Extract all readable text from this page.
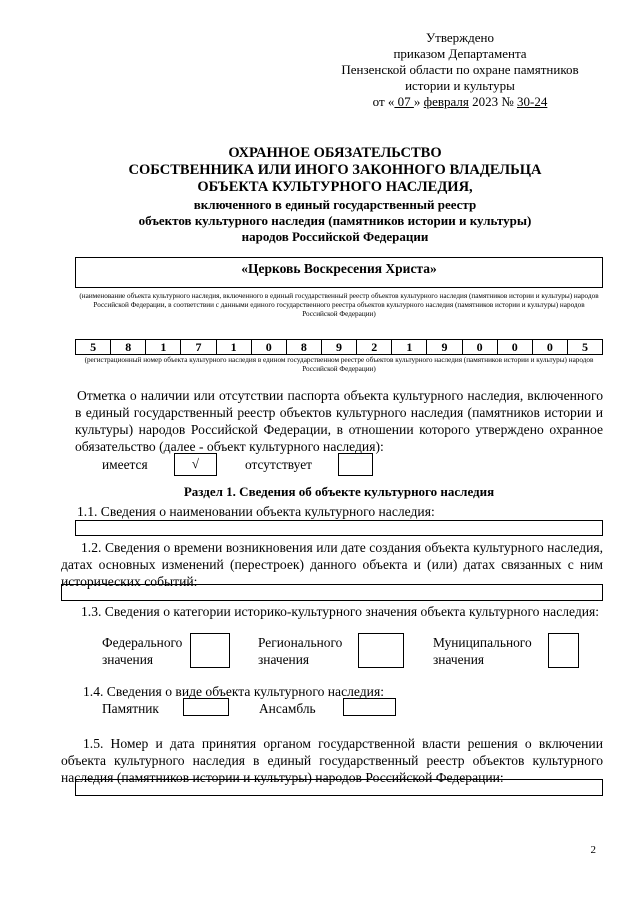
Утверждено
приказом Департамента
Пензенской области по охране памятников
истории и культуры
от « 07 » февраля 2023 № 30-24
ОХРАННОЕ ОБЯЗАТЕЛЬСТВО
СОБСТВЕННИКА ИЛИ ИНОГО ЗАКОННОГО ВЛАДЕЛЬЦА
ОБЪЕКТА КУЛЬТУРНОГО НАСЛЕДИЯ,
включенного в единый государственный реестр
объектов культурного наследия (памятников истории и культуры)
народов Российской Федерации
«Церковь Воскресения Христа»
(наименование объекта культурного наследия, включенного в единый государственный реестр объектов культурного наследия (памятников истории и культуры) народов Российской Федерации, в соответствии с данными единого государственного реестра объектов культурного наследия (памятников истории и культуры) народов Российской Федерации)
5	8	1	7	1	0	8	9	2	1	9	0	0	0	5
(регистрационный номер объекта культурного наследия в едином государственном реестре объектов культурного наследия (памятников истории и культуры) народов Российской Федерации)
Отметка о наличии или отсутствии паспорта объекта культурного наследия, включенного в единый государственный реестр объектов культурного наследия (памятников истории и культуры) народов Российской Федерации, в отношении которого утверждено охранное обязательство (далее - объект культурного наследия):
имеется	√	отсутствует
Раздел 1. Сведения об объекте культурного наследия
1.1. Сведения о наименовании объекта культурного наследия:
1.2. Сведения о времени возникновения или дате создания объекта культурного наследия, датах основных изменений (перестроек) данного объекта и (или) датах связанных с ним исторических событий:
1.3. Сведения о категории историко-культурного значения объекта культурного наследия:
Федерального
значения
Регионального
значения
Муниципального
значения
1.4. Сведения о виде объекта культурного наследия:
Памятник	Ансамбль
1.5. Номер и дата принятия органом государственной власти решения о включении объекта культурного наследия в единый государственный реестр объектов культурного наследия (памятников истории и культуры) народов Российской Федерации:
2
